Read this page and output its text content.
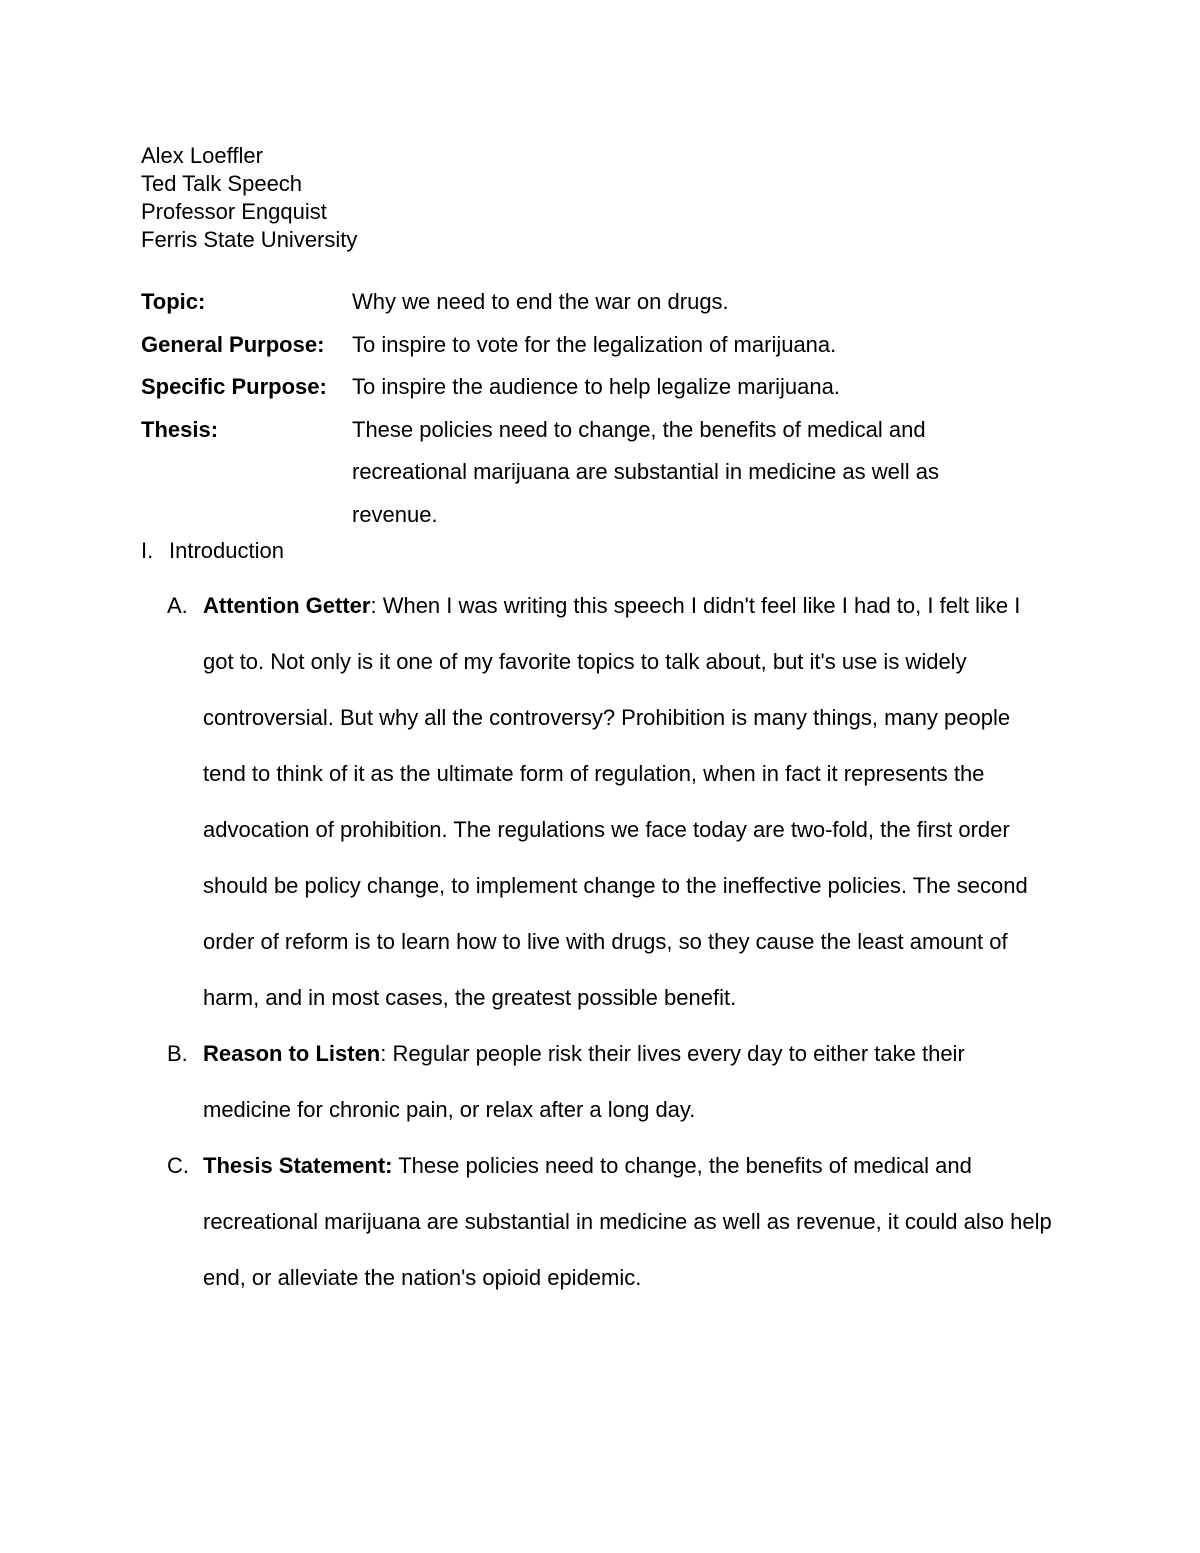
Alex Loeffler
Ted Talk Speech
Professor Engquist
Ferris State University
Topic:	Why we need to end the war on drugs.
General Purpose:	To inspire to vote for the legalization of marijuana.
Specific Purpose:	To inspire the audience to help legalize marijuana.
Thesis:	These policies need to change, the benefits of medical and recreational marijuana are substantial in medicine as well as revenue.
I. Introduction
A. Attention Getter: When I was writing this speech I didn't feel like I had to, I felt like I got to. Not only is it one of my favorite topics to talk about, but it's use is widely controversial. But why all the controversy? Prohibition is many things, many people tend to think of it as the ultimate form of regulation, when in fact it represents the advocation of prohibition. The regulations we face today are two-fold, the first order should be policy change, to implement change to the ineffective policies. The second order of reform is to learn how to live with drugs, so they cause the least amount of harm, and in most cases, the greatest possible benefit.
B. Reason to Listen: Regular people risk their lives every day to either take their medicine for chronic pain, or relax after a long day.
C. Thesis Statement: These policies need to change, the benefits of medical and recreational marijuana are substantial in medicine as well as revenue, it could also help end, or alleviate the nation's opioid epidemic.
